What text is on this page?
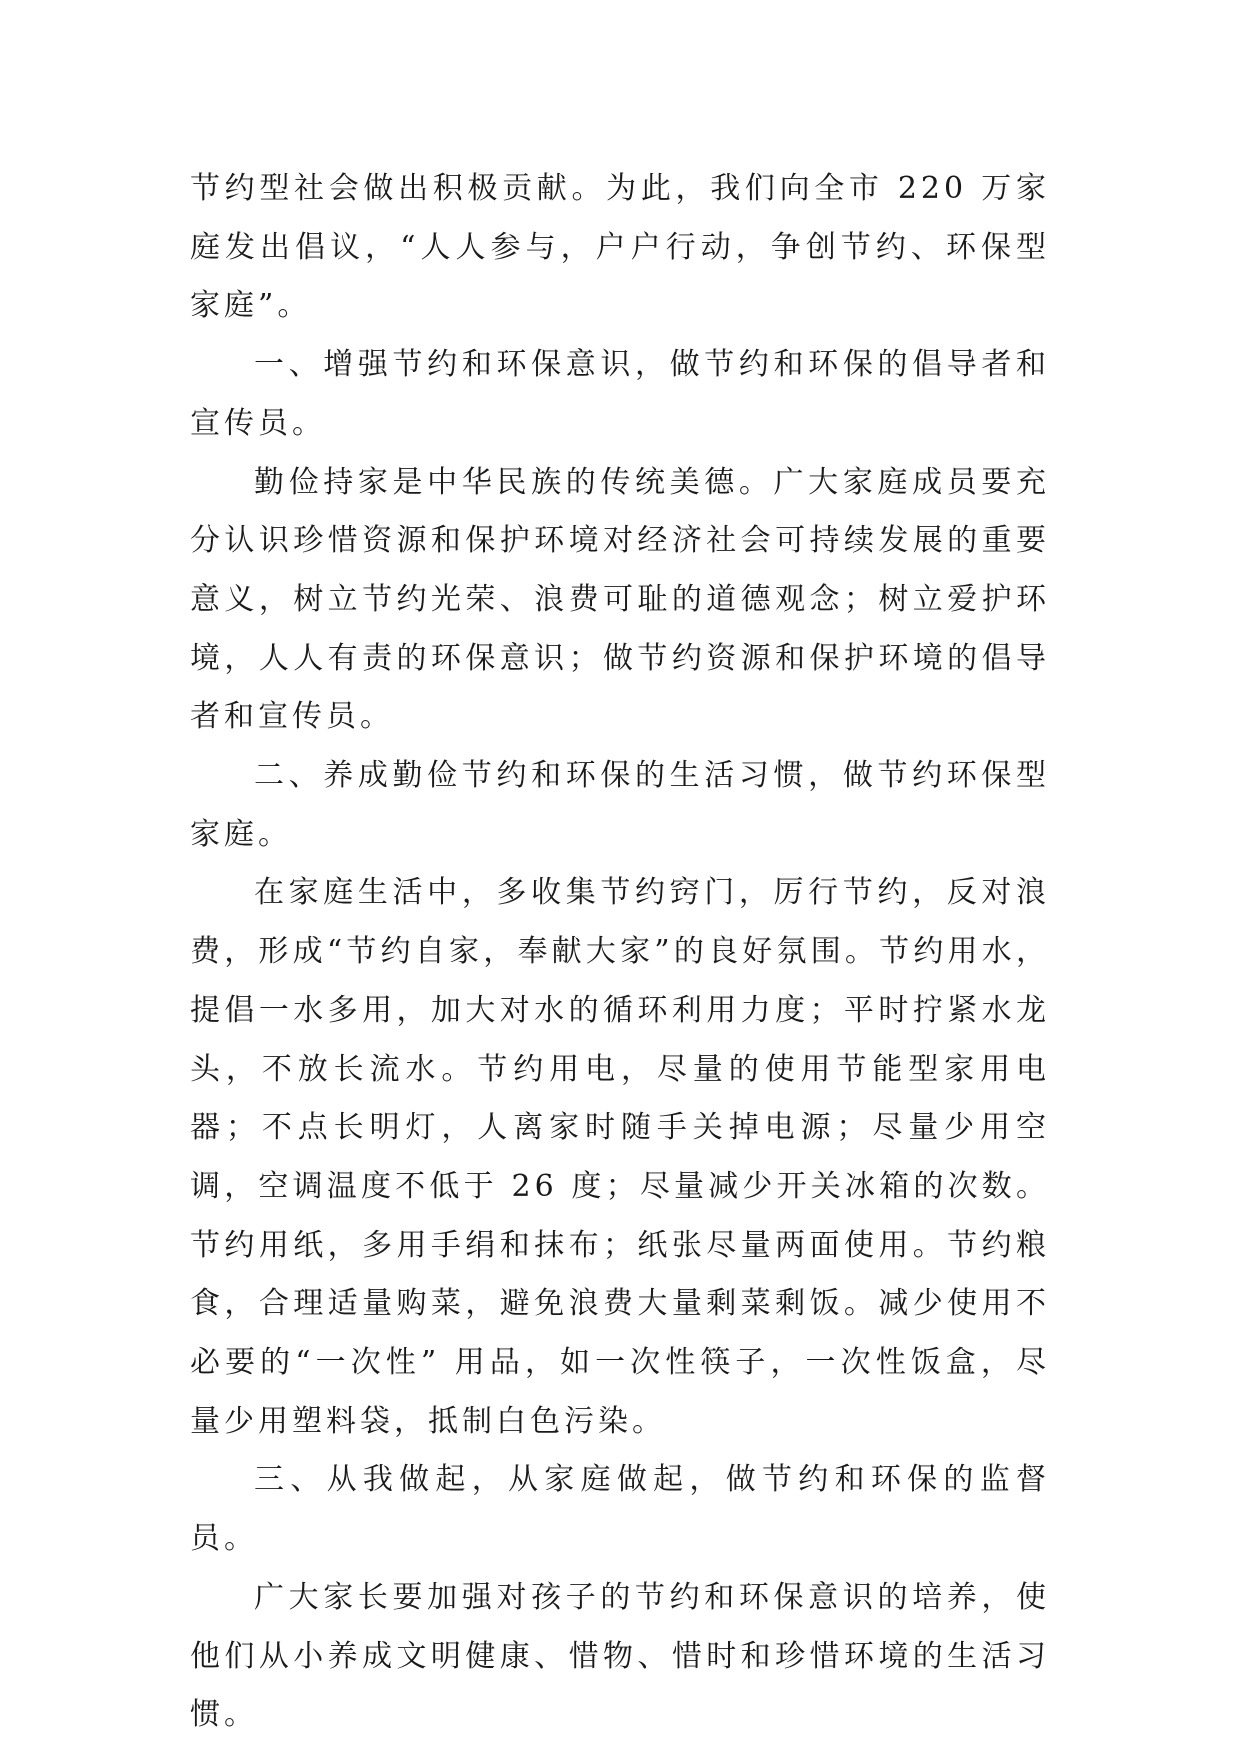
节约型社会做出积极贡献。为此，我们向全市 220 万家庭发出倡议，“人人参与，户户行动，争创节约、环保型家庭”。

一、增强节约和环保意识，做节约和环保的倡导者和宣传员。

勤俭持家是中华民族的传统美德。广大家庭成员要充分认识珍惜资源和保护环境对经济社会可持续发展的重要意义，树立节约光荣、浪费可耻的道德观念；树立爱护环境，人人有责的环保意识；做节约资源和保护环境的倡导者和宣传员。

二、养成勤俭节约和环保的生活习惯，做节约环保型家庭。

在家庭生活中，多收集节约窍门，厉行节约，反对浪费，形成“节约自家，奉献大家”的良好氛围。节约用水，提倡一水多用，加大对水的循环利用力度；平时拧紧水龙头，不放长流水。节约用电，尽量的使用节能型家用电器；不点长明灯，人离家时随手关掉电源；尽量少用空调，空调温度不低于 26 度；尽量减少开关冰箱的次数。节约用纸，多用手绢和抹布；纸张尽量两面使用。节约粮食，合理适量购菜，避免浪费大量剩菜剩饭。减少使用不必要的“一次性” 用品，如一次性筷子，一次性饭盒，尽量少用塑料袋，抵制白色污染。

三、从我做起，从家庭做起，做节约和环保的监督员。

广大家长要加强对孩子的节约和环保意识的培养，使他们从小养成文明健康、惜物、惜时和珍惜环境的生活习惯。
